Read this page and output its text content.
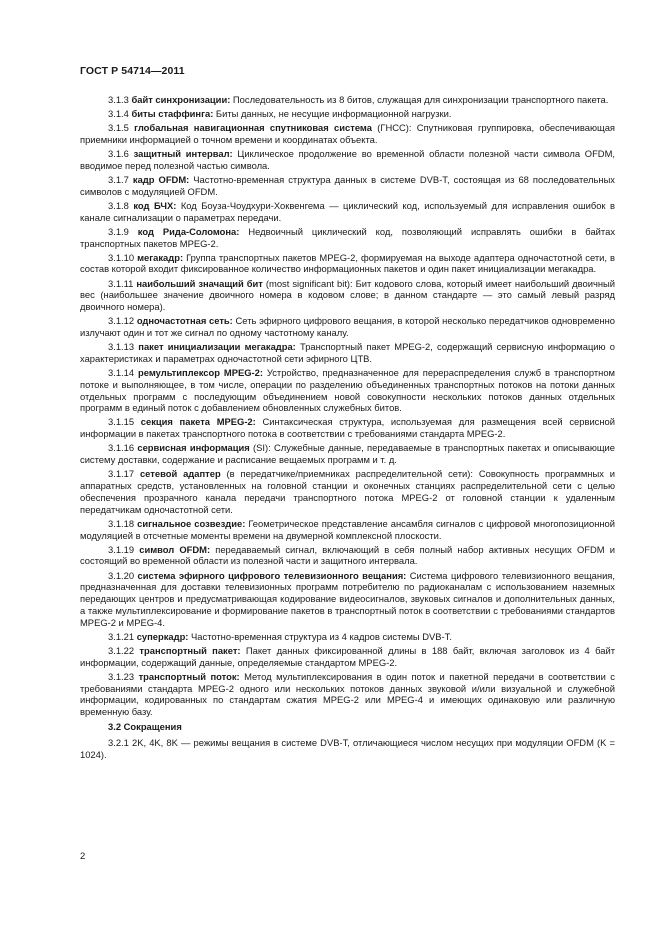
ГОСТ Р 54714—2011

3.1.3 байт синхронизации: Последовательность из 8 битов, служащая для синхронизации транспортного пакета.

3.1.4 биты стаффинга: Биты данных, не несущие информационной нагрузки.

3.1.5 глобальная навигационная спутниковая система (ГНСС): Спутниковая группировка, обеспечивающая приемники информацией о точном времени и координатах объекта.

3.1.6 защитный интервал: Циклическое продолжение во временной области полезной части символа OFDM, вводимое перед полезной частью символа.

3.1.7 кадр OFDM: Частотно-временная структура данных в системе DVB-T, состоящая из 68 последовательных символов с модуляцией OFDM.

3.1.8 код БЧХ: Код Боуза-Чоудхури-Хоквенгема — циклический код, используемый для исправления ошибок в канале сигнализации о параметрах передачи.

3.1.9 код Рида-Соломона: Недвоичный циклический код, позволяющий исправлять ошибки в байтах транспортных пакетов MPEG-2.

3.1.10 мегакадр: Группа транспортных пакетов MPEG-2, формируемая на выходе адаптера одночастотной сети, в состав которой входит фиксированное количество информационных пакетов и один пакет инициализации мегакадра.

3.1.11 наибольший значащий бит (most significant bit): Бит кодового слова, который имеет наибольший двоичный вес (наибольшее значение двоичного номера в кодовом слове; в данном стандарте — это самый левый разряд двоичного номера).

3.1.12 одночастотная сеть: Сеть эфирного цифрового вещания, в которой несколько передатчиков одновременно излучают один и тот же сигнал по одному частотному каналу.

3.1.13 пакет инициализации мегакадра: Транспортный пакет MPEG-2, содержащий сервисную информацию о характеристиках и параметрах одночастотной сети эфирного ЦТВ.

3.1.14 ремультиплексор MPEG-2: Устройство, предназначенное для перераспределения служб в транспортном потоке и выполняющее, в том числе, операции по разделению объединенных транспортных потоков на потоки данных отдельных программ с последующим объединением новой совокупности нескольких потоков данных отдельных программ в единый поток с добавлением обновленных служебных битов.

3.1.15 секция пакета MPEG-2: Синтаксическая структура, используемая для размещения всей сервисной информации в пакетах транспортного потока в соответствии с требованиями стандарта MPEG-2.

3.1.16 сервисная информация (SI): Служебные данные, передаваемые в транспортных пакетах и описывающие систему доставки, содержание и расписание вещаемых программ и т. д.

3.1.17 сетевой адаптер (в передатчике/приемниках распределительной сети): Совокупность программных и аппаратных средств, установленных на головной станции и оконечных станциях распределительной сети с целью обеспечения прозрачного канала передачи транспортного потока MPEG-2 от головной станции к удаленным передатчикам одночастотной сети.

3.1.18 сигнальное созвездие: Геометрическое представление ансамбля сигналов с цифровой многопозиционной модуляцией в отсчетные моменты времени на двумерной комплексной плоскости.

3.1.19 символ OFDM: передаваемый сигнал, включающий в себя полный набор активных несущих OFDM и состоящий во временной области из полезной части и защитного интервала.

3.1.20 система эфирного цифрового телевизионного вещания: Система цифрового телевизионного вещания, предназначенная для доставки телевизионных программ потребителю по радиоканалам с использованием наземных передающих центров и предусматривающая кодирование видеосигналов, звуковых сигналов и дополнительных данных, а также мультиплексирование и формирование пакетов в транспортный поток в соответствии с требованиями стандартов MPEG-2 и MPEG-4.

3.1.21 суперкадр: Частотно-временная структура из 4 кадров системы DVB-T.

3.1.22 транспортный пакет: Пакет данных фиксированной длины в 188 байт, включая заголовок из 4 байт информации, содержащий данные, определяемые стандартом MPEG-2.

3.1.23 транспортный поток: Метод мультиплексирования в один поток и пакетной передачи в соответствии с требованиями стандарта MPEG-2 одного или нескольких потоков данных звуковой и/или визуальной и служебной информации, кодированных по стандартам сжатия MPEG-2 или MPEG-4 и имеющих одинаковую или различную временную базу.

3.2 Сокращения

3.2.1 2K, 4K, 8K — режимы вещания в системе DVB-T, отличающиеся числом несущих при модуляции OFDM (K = 1024).

2
